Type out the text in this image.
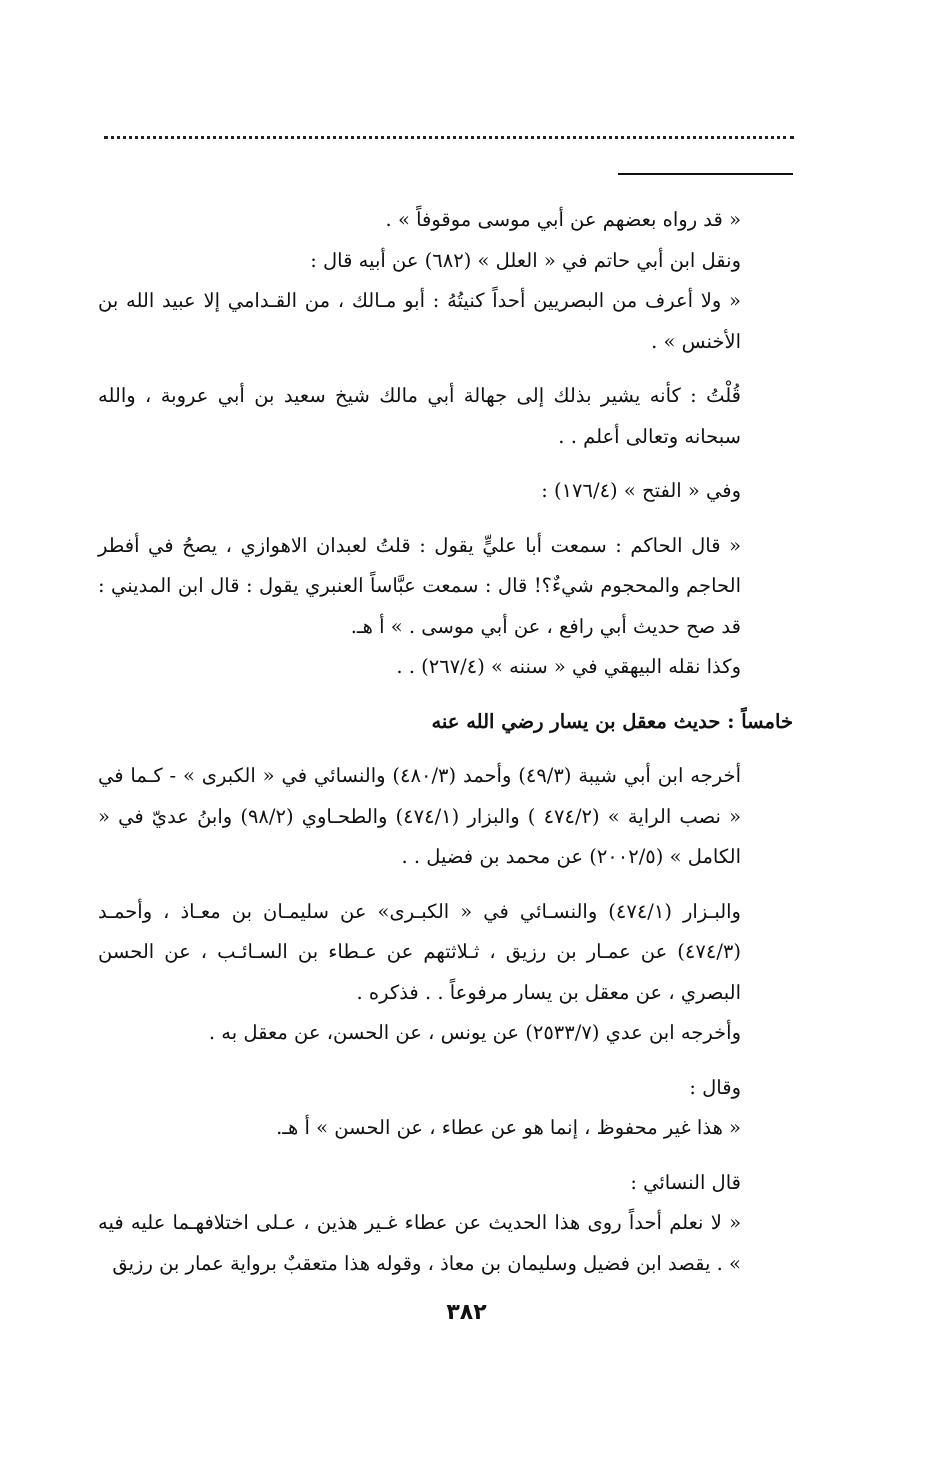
« قد رواه بعضهم عن أبي موسى موقوفاً » .

ونقل ابن أبي حاتم في « العلل » (٦٨٢) عن أبيه قال :

« ولا أعرف من البصريين أحداً كنيتُهُ : أبو مـالك ، من القـدامي إلا عبيد الله بن الأخنس » .

قُلْتُ : كأنه يشير بذلك إلى جهالة أبي مالك شيخ سعيد بن أبي عروبة ، والله سبحانه وتعالى أعلم . .

وفي « الفتح » (١٧٦/٤) :

« قال الحاكم : سمعت أبا عليٍّ يقول : قلتُ لعبدان الاهوازي ، يصحُ في أفطر الحاجم والمحجوم شيءٌ؟! قال : سمعت عبَّاساً العنبري يقول : قال ابن المديني : قد صح حديث أبي رافع ، عن أبي موسى . » أ هـ.

وكذا نقله البيهقي في « سننه » (٢٦٧/٤) . .

خامساً : حديث معقل بن يسار رضي الله عنه

أخرجه ابن أبي شيبة (٤٩/٣) وأحمد (٤٨٠/٣) والنسائي في « الكبرى » - كـما في « نصب الراية » (٤٧٤/٢ ) والبزار (٤٧٤/١) والطحـاوي (٩٨/٢) وابنُ عديّ في « الكامل » (٢٠٠٢/٥) عن محمد بن فضيل . .

والبـزار (٤٧٤/١) والنسـائي في « الكبـرى» عن سليمـان بن معـاذ ، وأحمـد (٤٧٤/٣) عن عمـار بن رزيق ، ثـلاثتهم عن عـطاء بن السـائـب ، عن الحسن البصري ، عن معقل بن يسار مرفوعاً . . فذكره .

وأخرجه ابن عدي (٢٥٣٣/٧) عن يونس ، عن الحسن، عن معقل به .

وقال :

« هذا غير محفوظ ، إنما هو عن عطاء ، عن الحسن » أ هـ.

قال النسائي :

« لا نعلم أحداً روى هذا الحديث عن عطاء غـير هذين ، عـلى اختلافهـما عليه فيه » . يقصد ابن فضيل وسليمان بن معاذ ، وقوله هذا متعقبٌ برواية عمار بن رزيق

٣٨٢
